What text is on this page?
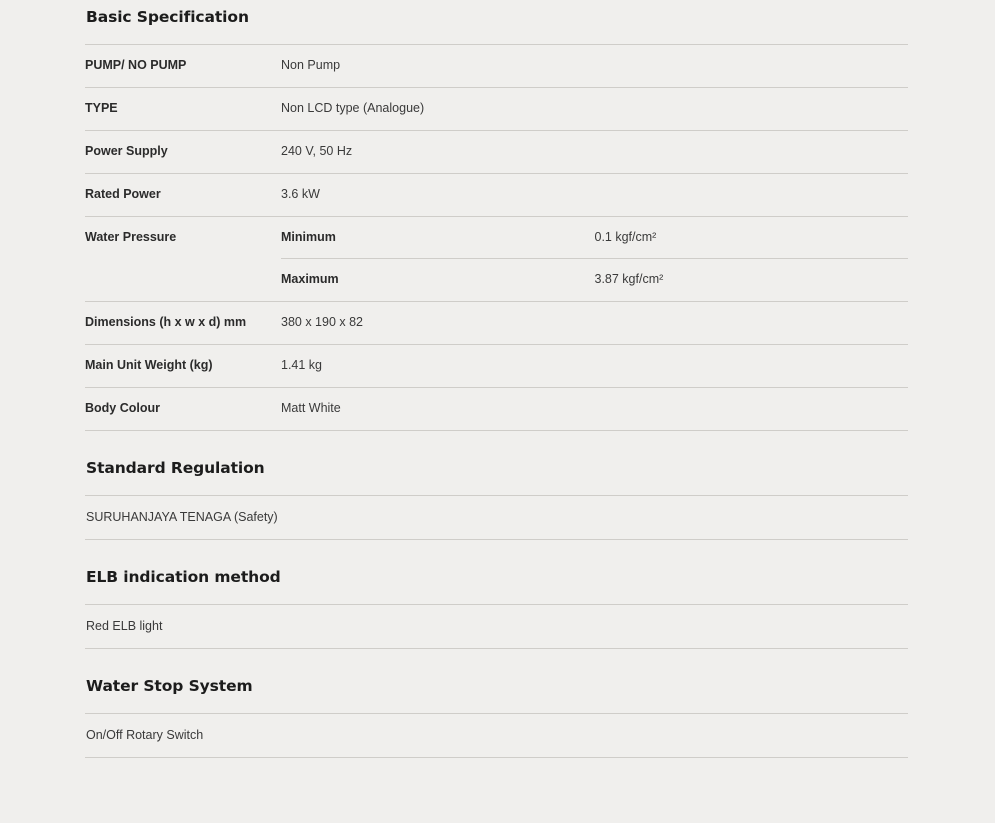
Basic Specification
PUMP/ NO PUMP	Non Pump	
TYPE	Non LCD type (Analogue)	
Power Supply	240 V, 50 Hz	
Rated Power	3.6 kW	
Water Pressure	Minimum	0.1 kgf/cm²
	Maximum	3.87 kgf/cm²
Dimensions (h x w x d) mm	380 x 190 x 82	
Main Unit Weight (kg)	1.41 kg	
Body Colour	Matt White	
Standard Regulation
SURUHANJAYA TENAGA (Safety)
ELB indication method
Red ELB light
Water Stop System
On/Off Rotary Switch
